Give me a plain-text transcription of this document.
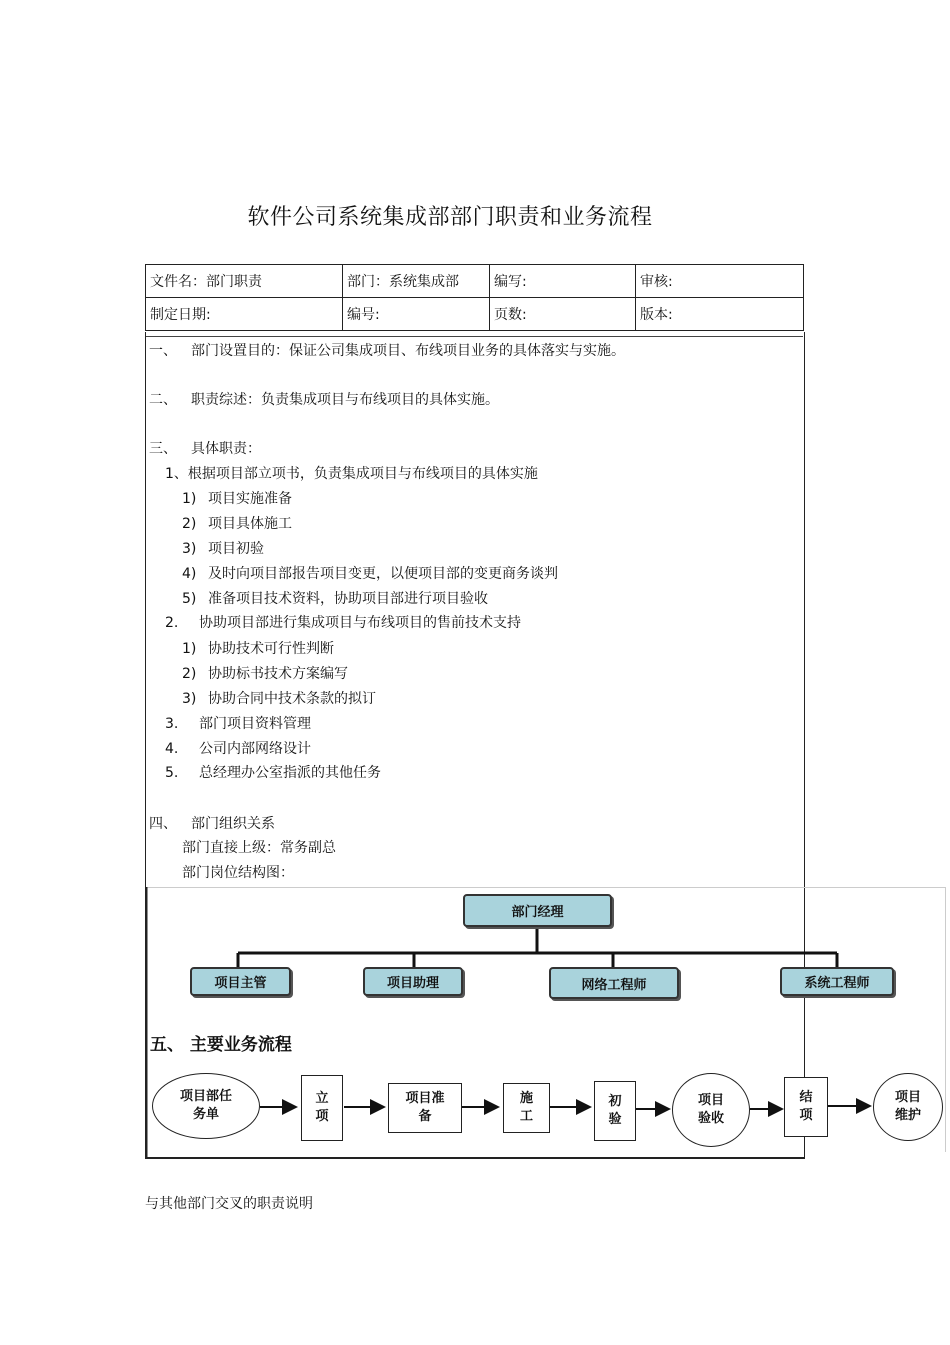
软件公司系统集成部部门职责和业务流程
文件名：部门职责	部门：系统集成部	编写:	审核:
制定日期:	编号:	页数:	版本:
一、 部门设置目的：保证公司集成项目、布线项目业务的具体落实与实施。
二、 职责综述：负责集成项目与布线项目的具体实施。
三、 具体职责：
1、根据项目部立项书，负责集成项目与布线项目的具体实施
1) 项目实施准备
2) 项目具体施工
3) 项目初验
4) 及时向项目部报告项目变更，以便项目部的变更商务谈判
5) 准备项目技术资料，协助项目部进行项目验收
2. 协助项目部进行集成项目与布线项目的售前技术支持
1) 协助技术可行性判断
2) 协助标书技术方案编写
3) 协助合同中技术条款的拟订
3. 部门项目资料管理
4. 公司内部网络设计
5. 总经理办公室指派的其他任务
四、 部门组织关系
部门直接上级：常务副总
部门岗位结构图：
部门经理
项目主管	项目助理	网络工程师	系统工程师
项目部任
务单
立
项
项目准
备
施
工
初
验
项目
验收
结
项
项目
维护
五、 主要业务流程
与其他部门交叉的职责说明
